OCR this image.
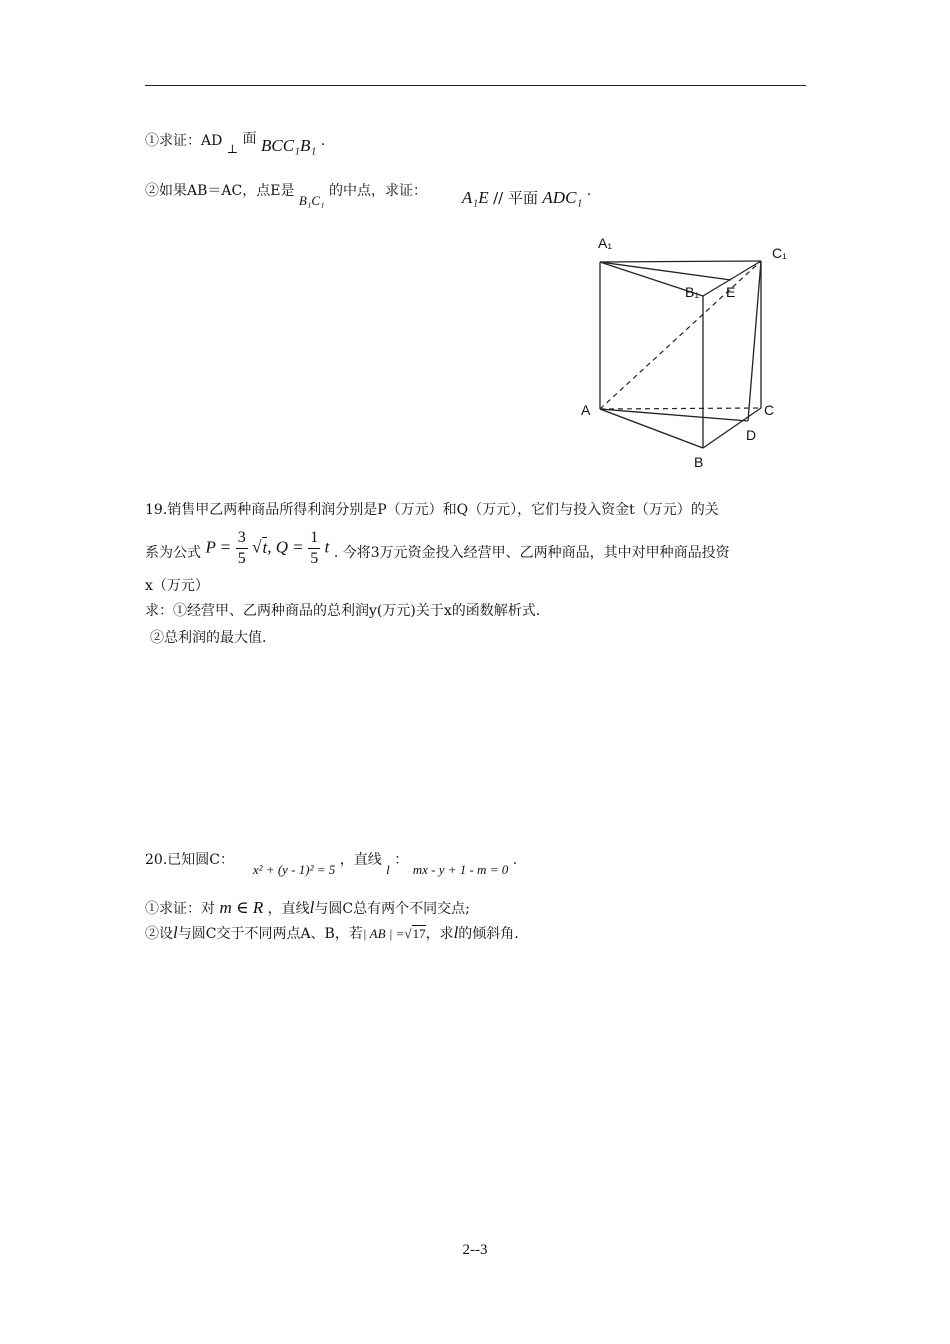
①求证：AD ⊥ 面 BCC₁B₁ .
②如果AB＝AC，点E是 B₁C₁ 的中点，求证： A₁E // 平面 ADC₁ .
A₁
C₁
B₁ E
A	C
D
B
19.销售甲乙两种商品所得利润分别是P（万元）和Q（万元），它们与投入资金t（万元）的关
系为公式 $P = \frac{3}{5} √t$, $Q = \frac{1}{5}$ t . 今将3万元资金投入经营甲、乙两种商品，其中对甲种商品投资
x（万元）
求：①经营甲、乙两种商品的总利润y(万元)关于x的函数解析式.
②总利润的最大值.
20.已知圆C：  x² + (y - 1)² = 5 ，直线 l ： mx - y + 1 - m = 0 .
①求证：对 m ∈ R ，直线l与圆C总有两个不同交点;
②设l与圆C交于不同两点A、B，若| AB | =√17，求l的倾斜角.
2--3
